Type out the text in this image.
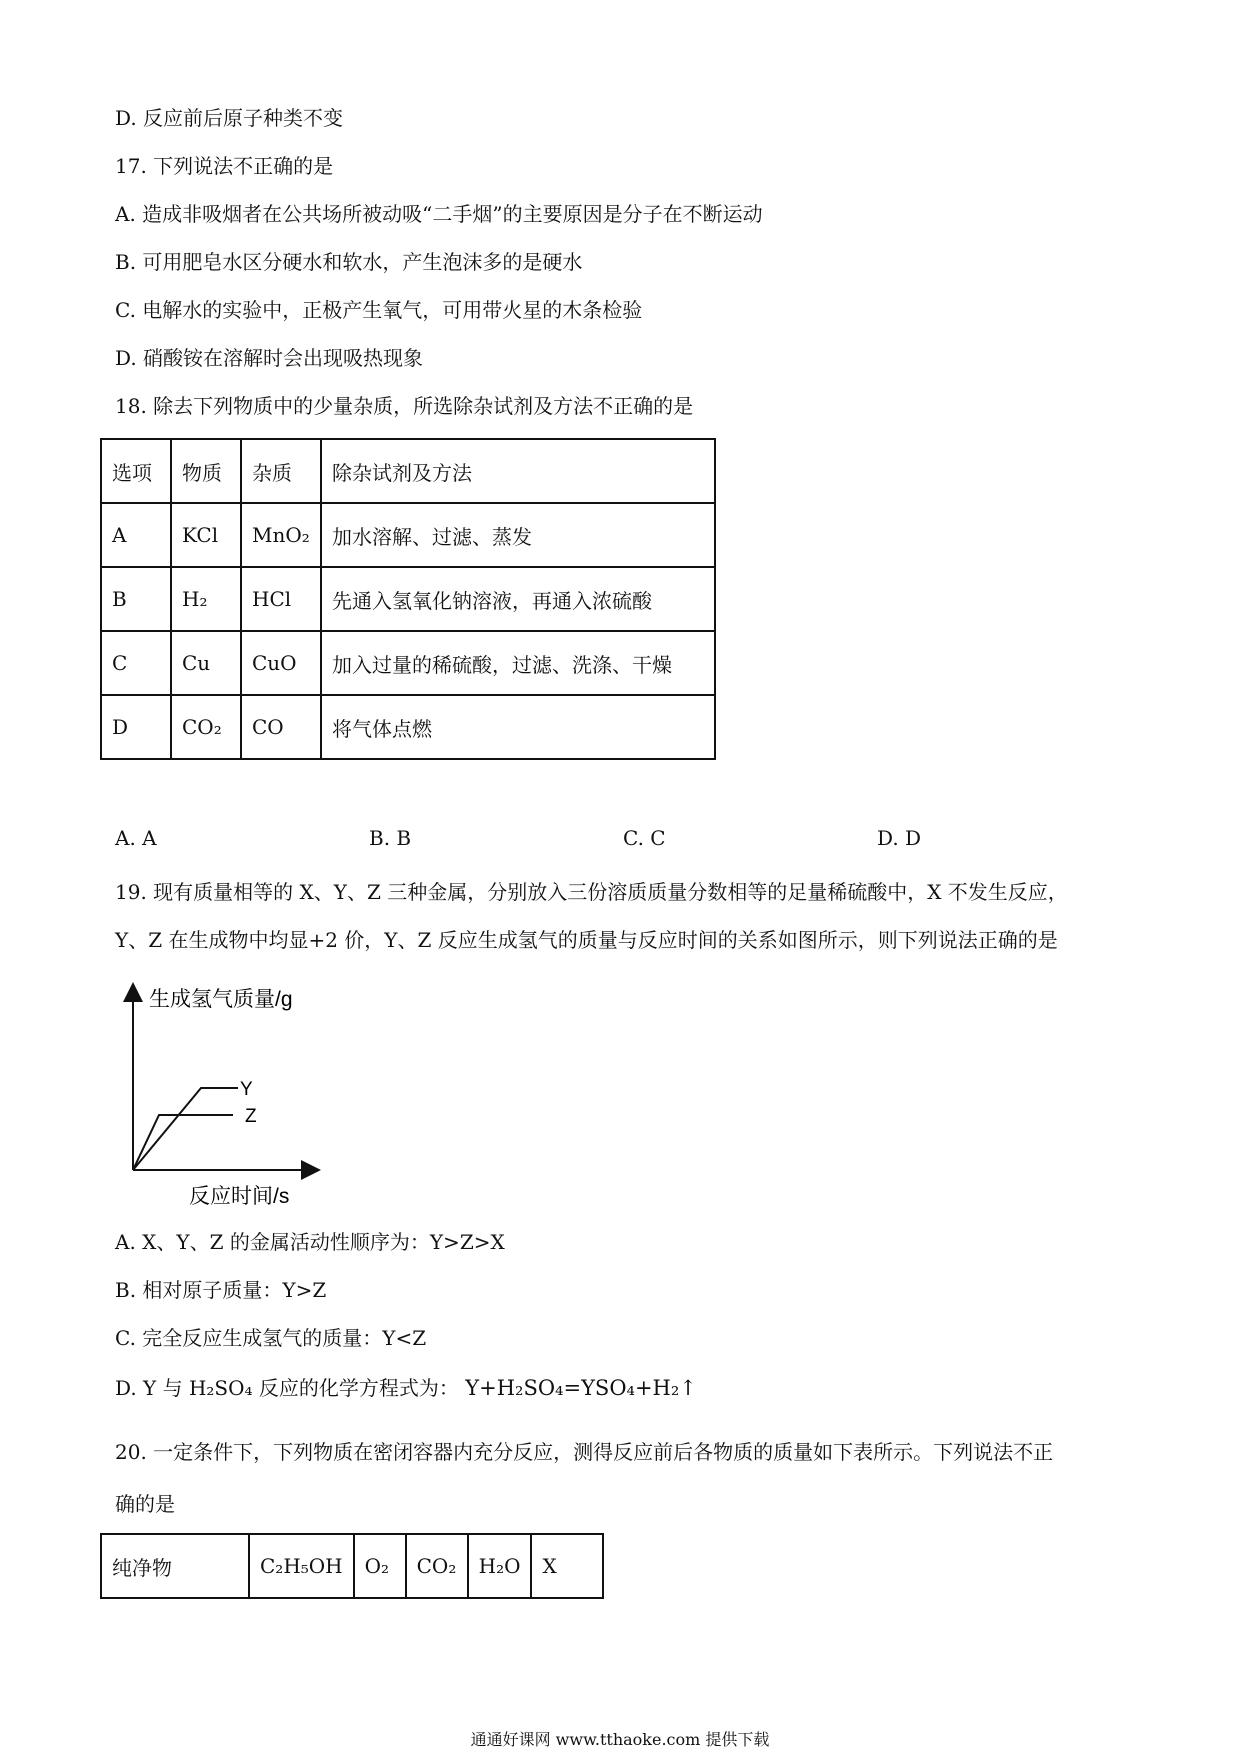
D. 反应前后原子种类不变
17. 下列说法不正确的是
A. 造成非吸烟者在公共场所被动吸“二手烟”的主要原因是分子在不断运动
B. 可用肥皂水区分硬水和软水，产生泡沫多的是硬水
C. 电解水的实验中，正极产生氧气，可用带火星的木条检验
D. 硝酸铵在溶解时会出现吸热现象
18. 除去下列物质中的少量杂质，所选除杂试剂及方法不正确的是
选项	物质	杂质	除杂试剂及方法
A	KCl	MnO₂	加水溶解、过滤、蒸发
B	H₂	HCl	先通入氢氧化钠溶液，再通入浓硫酸
C	Cu	CuO	加入过量的稀硫酸，过滤、洗涤、干燥
D	CO₂	CO	将气体点燃
A. A	B. B	C. C	D. D
19. 现有质量相等的 X、Y、Z 三种金属，分别放入三份溶质质量分数相等的足量稀硫酸中，X 不发生反应，
Y、Z 在生成物中均显+2 价，Y、Z 反应生成氢气的质量与反应时间的关系如图所示，则下列说法正确的是
生成氢气质量/g
反应时间/s
Y
Z
A. X、Y、Z 的金属活动性顺序为：Y>Z>X
B. 相对原子质量：Y>Z
C. 完全反应生成氢气的质量：Y<Z
D. Y 与 H₂SO₄ 反应的化学方程式为： Y+H₂SO₄=YSO₄+H₂↑
20. 一定条件下，下列物质在密闭容器内充分反应，测得反应前后各物质的质量如下表所示。下列说法不正
确的是
纯净物	C₂H₅OH	O₂	CO₂	H₂O	X
通通好课网 www.tthaoke.com 提供下载
